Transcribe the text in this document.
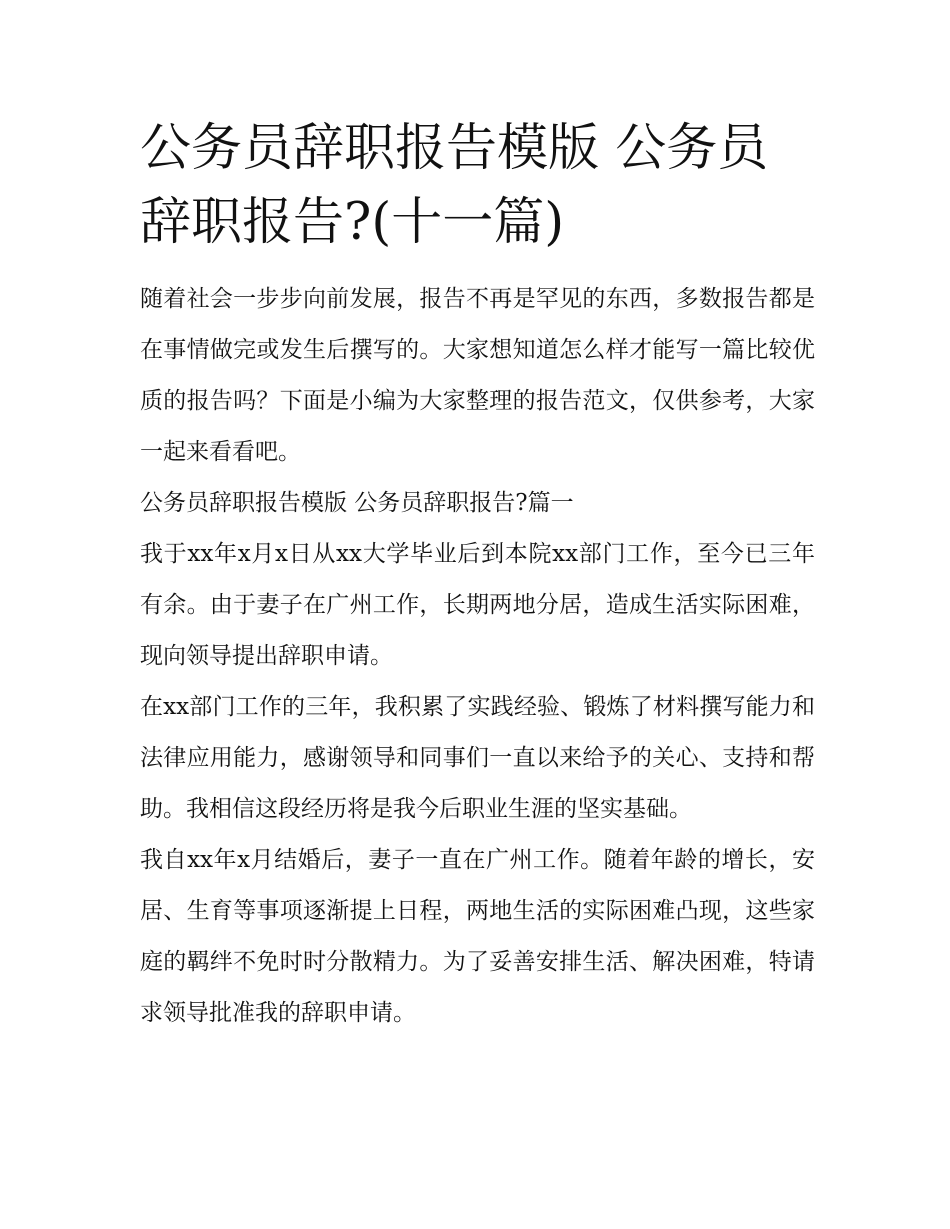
公务员辞职报告模版 公务员辞职报告?(十一篇)

随着社会一步步向前发展，报告不再是罕见的东西，多数报告都是在事情做完或发生后撰写的。大家想知道怎么样才能写一篇比较优质的报告吗？下面是小编为大家整理的报告范文，仅供参考，大家一起来看看吧。

公务员辞职报告模版 公务员辞职报告?篇一

我于xx年x月x日从xx大学毕业后到本院xx部门工作，至今已三年有余。由于妻子在广州工作，长期两地分居，造成生活实际困难，现向领导提出辞职申请。

在xx部门工作的三年，我积累了实践经验、锻炼了材料撰写能力和法律应用能力，感谢领导和同事们一直以来给予的关心、支持和帮助。我相信这段经历将是我今后职业生涯的坚实基础。

我自xx年x月结婚后，妻子一直在广州工作。随着年龄的增长，安居、生育等事项逐渐提上日程，两地生活的实际困难凸现，这些家庭的羁绊不免时时分散精力。为了妥善安排生活、解决困难，特请求领导批准我的辞职申请。
